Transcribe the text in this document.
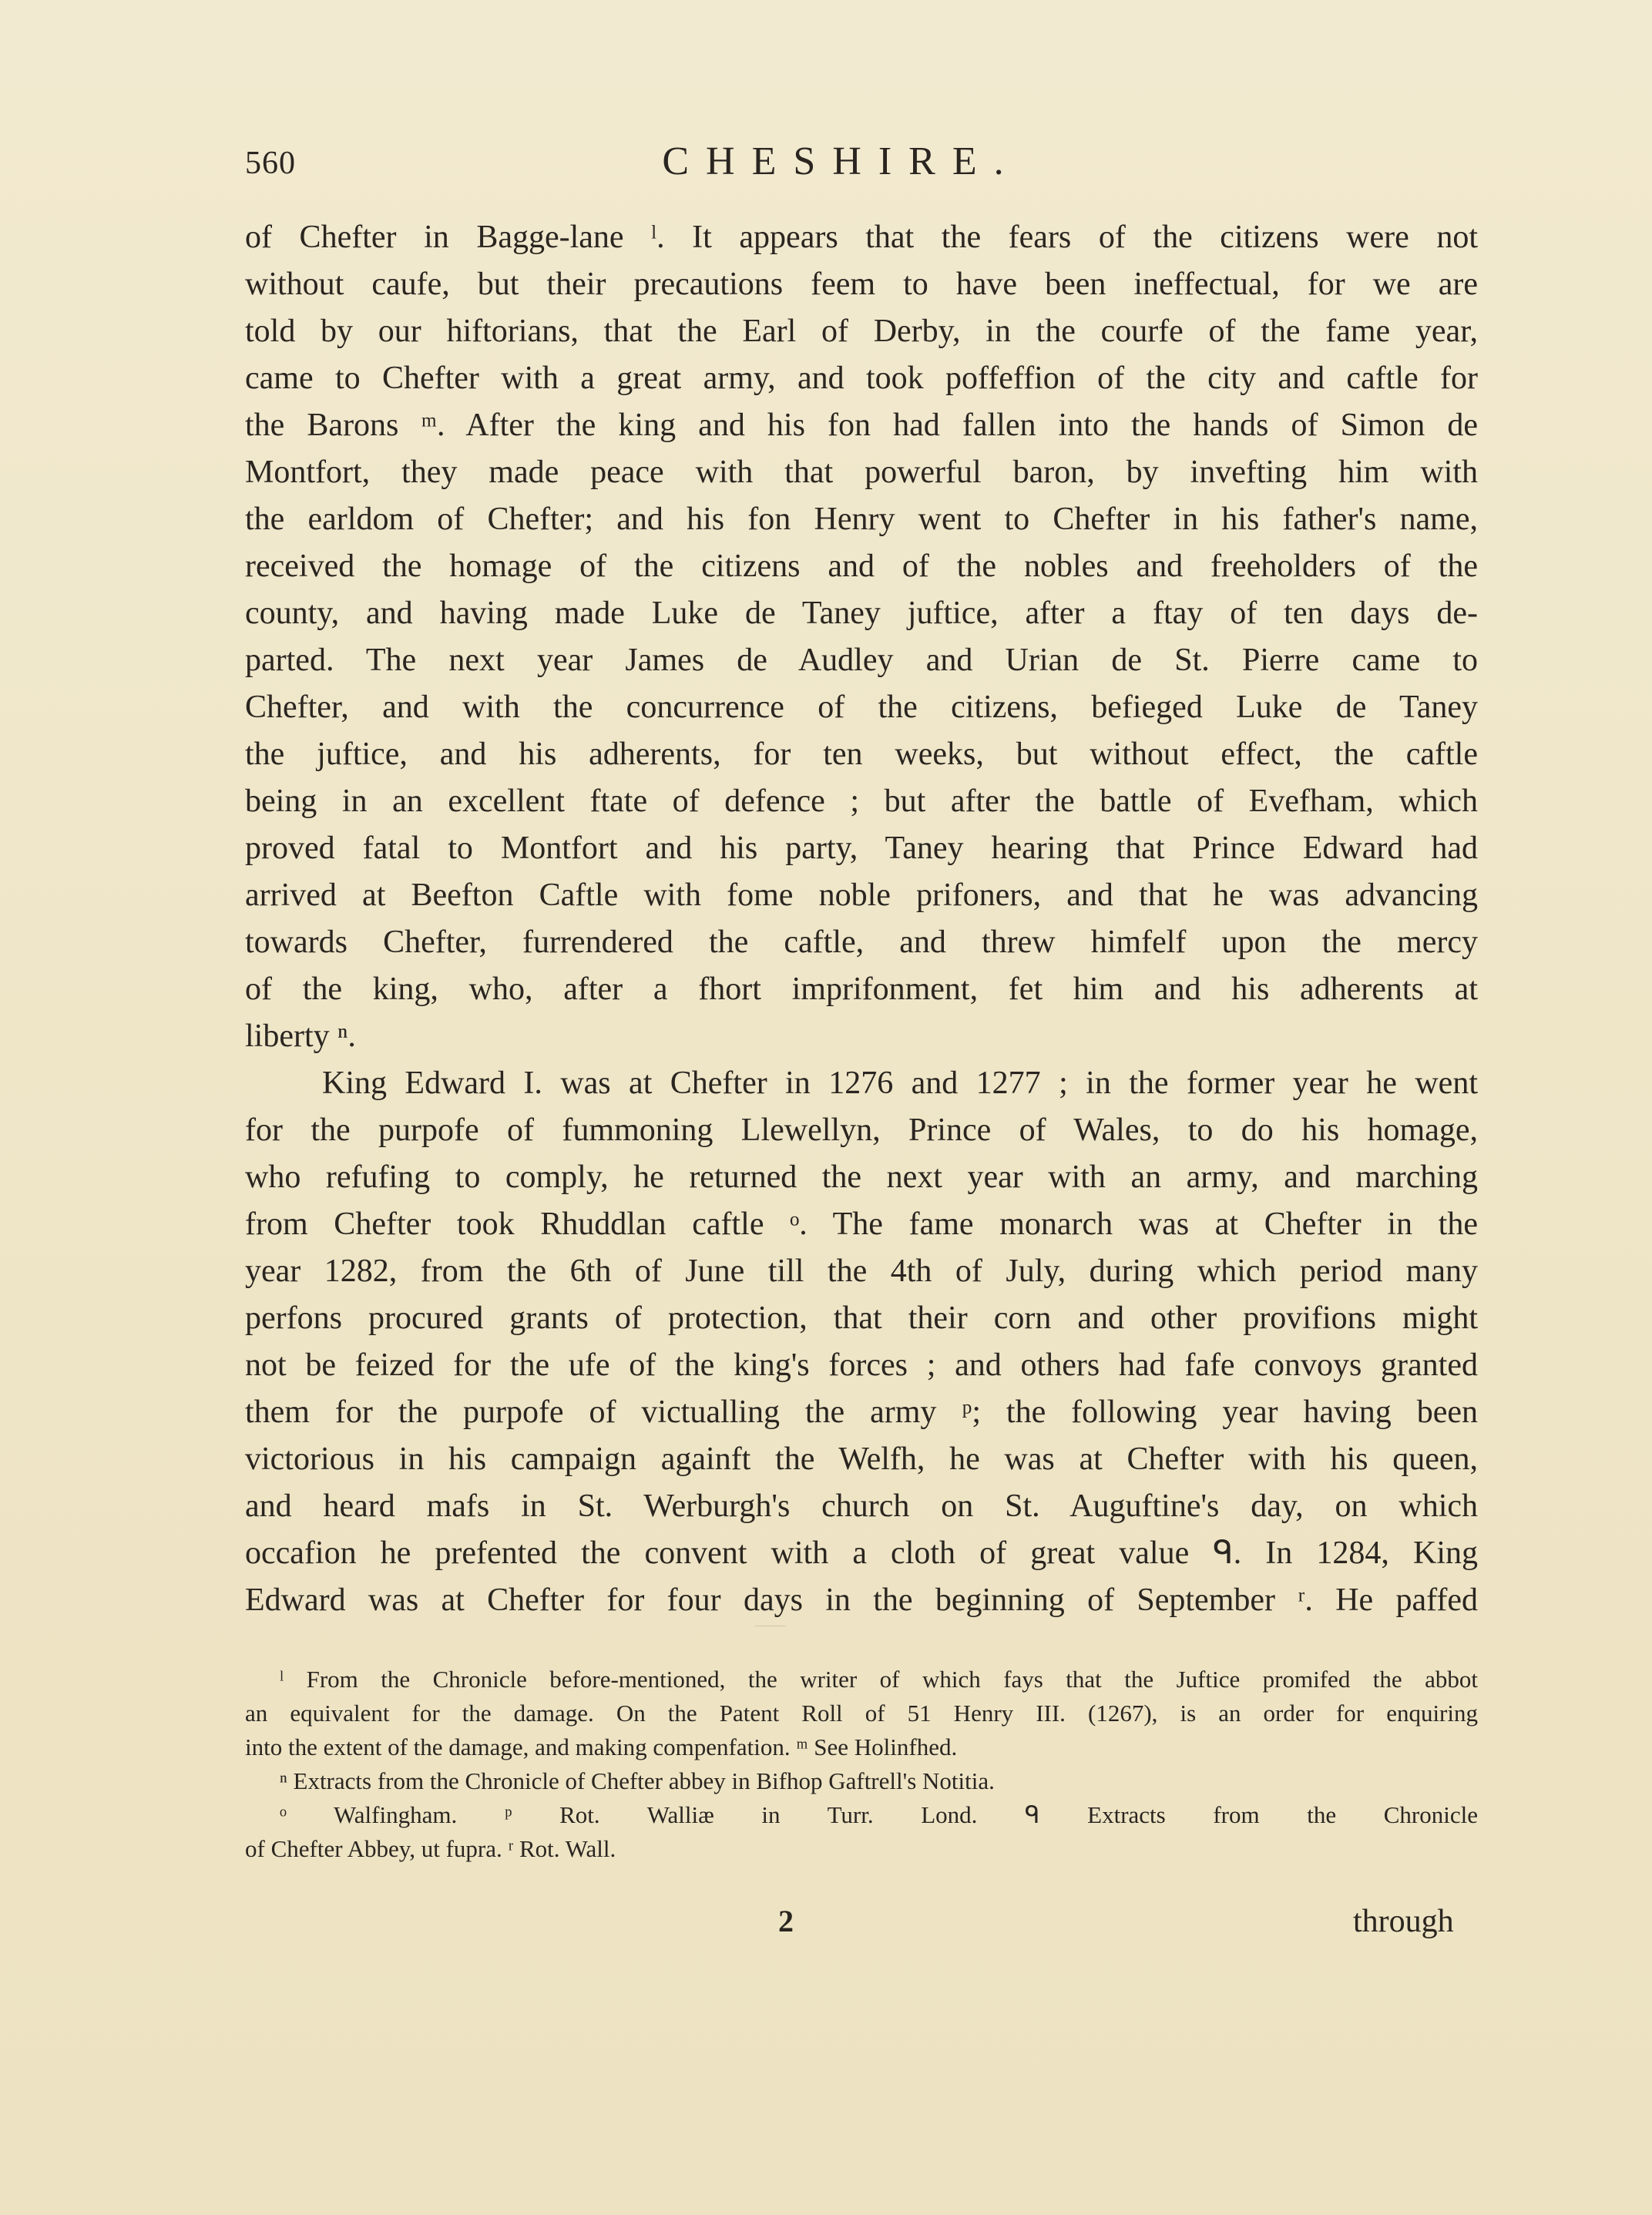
560	CHESHIRE.
of Chefter in Bagge-lane ˡ. It appears that the fears of the citizens were not
without caufe, but their precautions feem to have been ineffectual, for we are
told by our hiftorians, that the Earl of Derby, in the courfe of the fame year,
came to Chefter with a great army, and took poffeffion of the city and caftle for
the Barons ᵐ. After the king and his fon had fallen into the hands of Simon de
Montfort, they made peace with that powerful baron, by invefting him with
the earldom of Chefter; and his fon Henry went to Chefter in his father's name,
received the homage of the citizens and of the nobles and freeholders of the
county, and having made Luke de Taney juftice, after a ftay of ten days de-
parted. The next year James de Audley and Urian de St. Pierre came to
Chefter, and with the concurrence of the citizens, befieged Luke de Taney
the juftice, and his adherents, for ten weeks, but without effect, the caftle
being in an excellent ftate of defence ; but after the battle of Evefham, which
proved fatal to Montfort and his party, Taney hearing that Prince Edward had
arrived at Beefton Caftle with fome noble prifoners, and that he was advancing
towards Chefter, furrendered the caftle, and threw himfelf upon the mercy
of the king, who, after a fhort imprifonment, fet him and his adherents at
liberty ⁿ.
King Edward I. was at Chefter in 1276 and 1277 ; in the former year he went
for the purpofe of fummoning Llewellyn, Prince of Wales, to do his homage,
who refufing to comply, he returned the next year with an army, and marching
from Chefter took Rhuddlan caftle ᵒ. The fame monarch was at Chefter in the
year 1282, from the 6th of June till the 4th of July, during which period many
perfons procured grants of protection, that their corn and other provifions might
not be feized for the ufe of the king's forces ; and others had fafe convoys granted
them for the purpofe of victualling the army ᵖ; the following year having been
victorious in his campaign againft the Welfh, he was at Chefter with his queen,
and heard mafs in St. Werburgh's church on St. Auguftine's day, on which
occafion he prefented the convent with a cloth of great value ᑫ. In 1284, King
Edward was at Chefter for four days in the beginning of September ʳ. He paffed
ˡ From the Chronicle before-mentioned, the writer of which fays that the Juftice promifed the abbot
an equivalent for the damage. On the Patent Roll of 51 Henry III. (1267), is an order for enquiring
into the extent of the damage, and making compenfation. ᵐ See Holinfhed.
ⁿ Extracts from the Chronicle of Chefter abbey in Bifhop Gaftrell's Notitia.
ᵒ Walfingham. ᵖ Rot. Walliæ in Turr. Lond. ᑫ Extracts from the Chronicle
of Chefter Abbey, ut fupra. ʳ Rot. Wall.
2	through
